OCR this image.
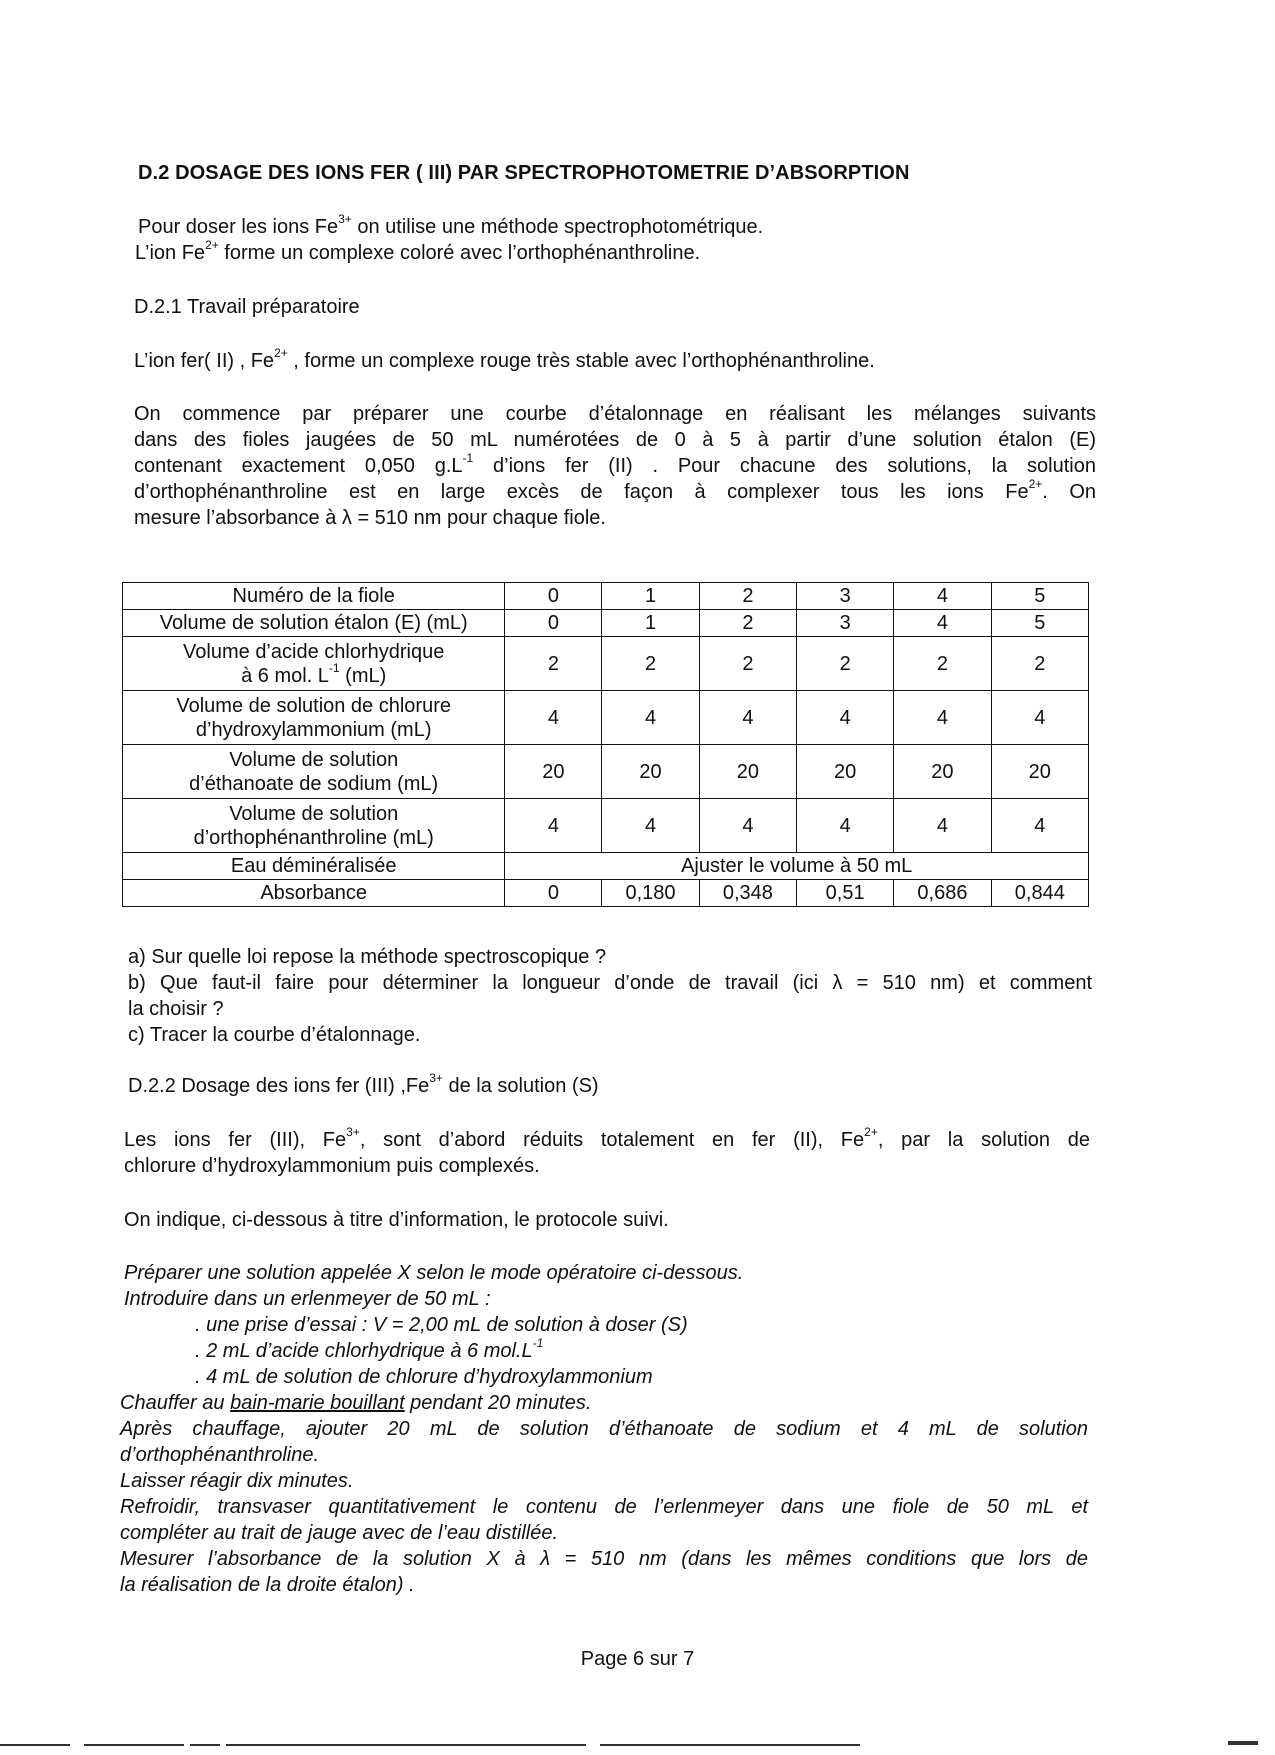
D.2 DOSAGE DES IONS FER ( III) PAR SPECTROPHOTOMETRIE D’ABSORPTION
Pour doser les ions $Fe^{3+}$ on utilise une méthode spectrophotométrique.
L’ion $Fe^{2+}$ forme un complexe coloré avec l’orthophénanthroline.
D.2.1 Travail préparatoire
L’ion fer( II) , $Fe^{2+}$ , forme un complexe rouge très stable avec l’orthophénanthroline.
On commence par préparer une courbe d’étalonnage en réalisant les mélanges suivants
dans des fioles jaugées de 50 mL numérotées de 0 à 5 à partir d’une solution étalon (E)
contenant exactement 0,050 $g.L^{-1}$ d’ions fer (II) . Pour chacune des solutions, la solution
d’orthophénanthroline est en large excès de façon à complexer tous les ions $Fe^{2+}$. On
mesure l’absorbance à λ = 510 nm pour chaque fiole.
Numéro de la fiole	0	1	2	3	4	5
Volume de solution étalon (E) (mL)	0	1	2	3	4	5
Volume d’acide chlorhydrique
à 6 mol. $L^{-1}$ (mL)	2	2	2	2	2	2
Volume de solution de chlorure
d’hydroxylammonium (mL)	4	4	4	4	4	4
Volume de solution
d’éthanoate de sodium (mL)	20	20	20	20	20	20
Volume de solution
d’orthophénanthroline (mL)	4	4	4	4	4	4
Eau déminéralisée	Ajuster le volume à 50 mL					
Absorbance	0	0,180	0,348	0,51	0,686	0,844
a) Sur quelle loi repose la méthode spectroscopique ?
b) Que faut-il faire pour déterminer la longueur d’onde de travail (ici λ = 510 nm) et comment
la choisir ?
c) Tracer la courbe d’étalonnage.
D.2.2 Dosage des ions fer (III) $,Fe^{3+}$ de la solution (S)
Les ions fer (III), $Fe^{3+}$, sont d’abord réduits totalement en fer (II), $Fe^{2+}$, par la solution de
chlorure d’hydroxylammonium puis complexés.
On indique, ci-dessous à titre d’information, le protocole suivi.
Préparer une solution appelée X selon le mode opératoire ci-dessous.
Introduire dans un erlenmeyer de 50 mL :
. une prise d’essai : V = 2,00 mL de solution à doser (S)
. 2 mL d’acide chlorhydrique à 6 $mol.L^{-1}$
. 4 mL de solution de chlorure d’hydroxylammonium
Chauffer au bain-marie bouillant pendant 20 minutes.
Après chauffage, ajouter 20 mL de solution d’éthanoate de sodium et 4 mL de solution
d’orthophénanthroline.
Laisser réagir dix minutes.
Refroidir, transvaser quantitativement le contenu de l’erlenmeyer dans une fiole de 50 mL et
compléter au trait de jauge avec de l’eau distillée.
Mesurer l’absorbance de la solution X à λ = 510 nm (dans les mêmes conditions que lors de
la réalisation de la droite étalon) .
Page 6 sur 7
